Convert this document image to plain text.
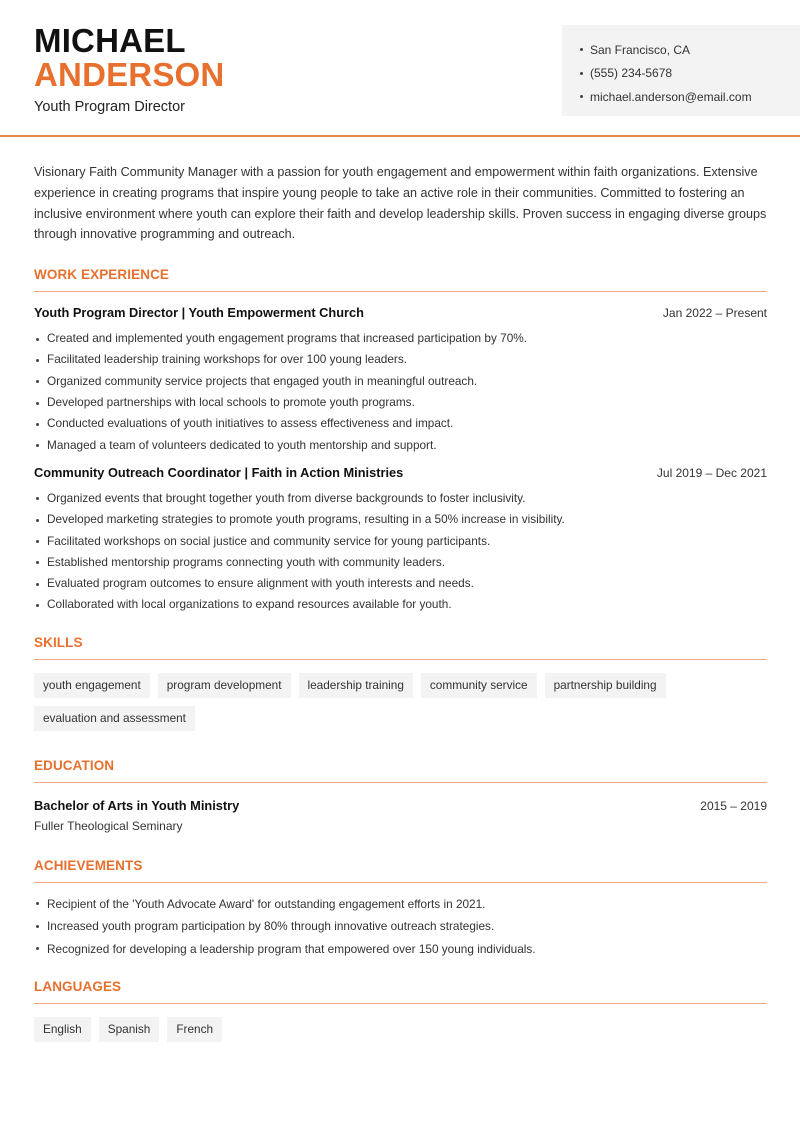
MICHAEL
ANDERSON
Youth Program Director
San Francisco, CA
(555) 234-5678
michael.anderson@email.com

Visionary Faith Community Manager with a passion for youth engagement and empowerment within faith organizations. Extensive experience in creating programs that inspire young people to take an active role in their communities. Committed to fostering an inclusive environment where youth can explore their faith and develop leadership skills. Proven success in engaging diverse groups through innovative programming and outreach.

WORK EXPERIENCE
Youth Program Director | Youth Empowerment Church	Jan 2022 – Present
Created and implemented youth engagement programs that increased participation by 70%.
Facilitated leadership training workshops for over 100 young leaders.
Organized community service projects that engaged youth in meaningful outreach.
Developed partnerships with local schools to promote youth programs.
Conducted evaluations of youth initiatives to assess effectiveness and impact.
Managed a team of volunteers dedicated to youth mentorship and support.
Community Outreach Coordinator | Faith in Action Ministries	Jul 2019 – Dec 2021
Organized events that brought together youth from diverse backgrounds to foster inclusivity.
Developed marketing strategies to promote youth programs, resulting in a 50% increase in visibility.
Facilitated workshops on social justice and community service for young participants.
Established mentorship programs connecting youth with community leaders.
Evaluated program outcomes to ensure alignment with youth interests and needs.
Collaborated with local organizations to expand resources available for youth.
SKILLS
youth engagement	program development	leadership training	community service	partnership building
evaluation and assessment
EDUCATION
Bachelor of Arts in Youth Ministry	2015 – 2019
Fuller Theological Seminary
ACHIEVEMENTS
Recipient of the 'Youth Advocate Award' for outstanding engagement efforts in 2021.
Increased youth program participation by 80% through innovative outreach strategies.
Recognized for developing a leadership program that empowered over 150 young individuals.
LANGUAGES
English	Spanish	French
